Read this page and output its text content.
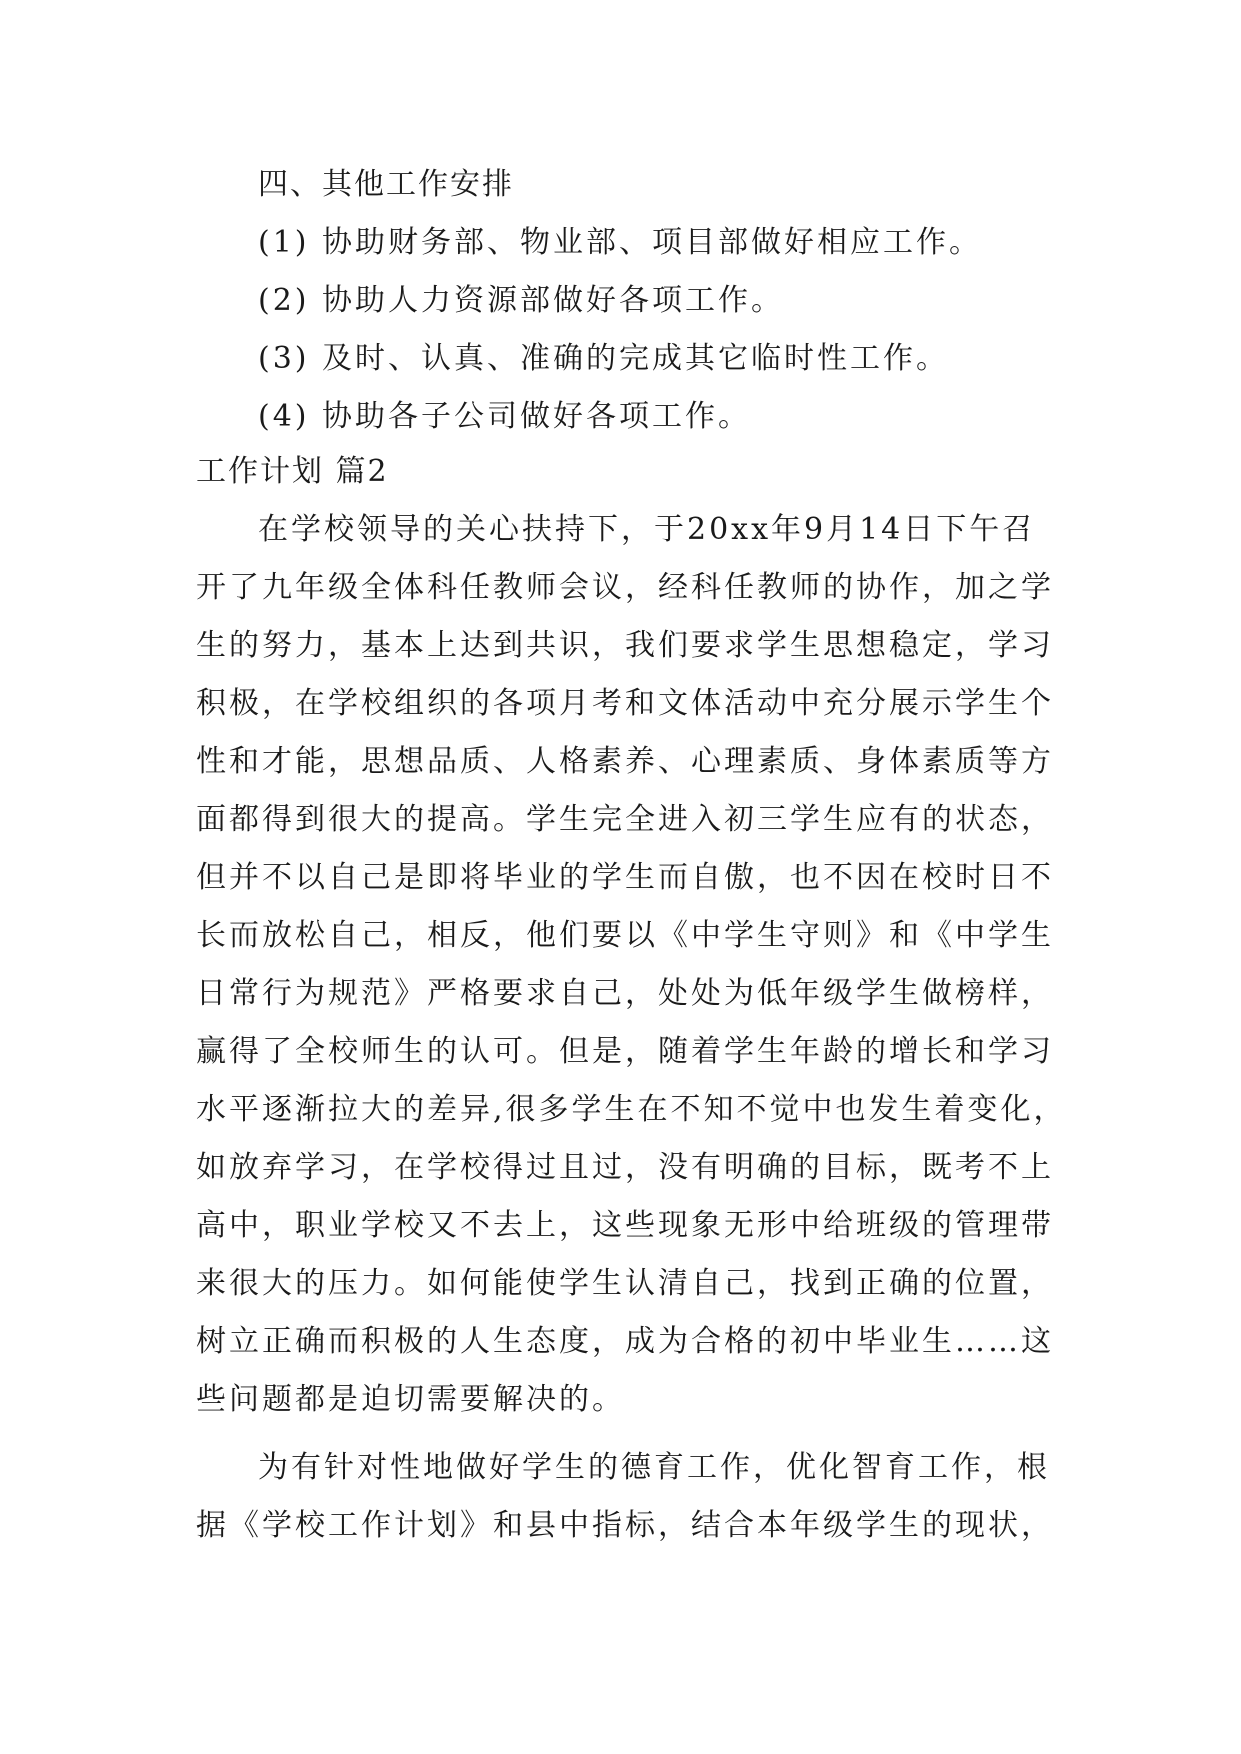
四、其他工作安排
(1) 协助财务部、物业部、项目部做好相应工作。
(2) 协助人力资源部做好各项工作。
(3) 及时、认真、准确的完成其它临时性工作。
(4) 协助各子公司做好各项工作。
工作计划 篇2
在学校领导的关心扶持下，于20xx年9月14日下午召
开了九年级全体科任教师会议，经科任教师的协作，加之学
生的努力，基本上达到共识，我们要求学生思想稳定，学习
积极，在学校组织的各项月考和文体活动中充分展示学生个
性和才能，思想品质、人格素养、心理素质、身体素质等方
面都得到很大的提高。学生完全进入初三学生应有的状态，
但并不以自己是即将毕业的学生而自傲，也不因在校时日不
长而放松自己，相反，他们要以《中学生守则》和《中学生
日常行为规范》严格要求自己，处处为低年级学生做榜样，
赢得了全校师生的认可。但是，随着学生年龄的增长和学习
水平逐渐拉大的差异,很多学生在不知不觉中也发生着变化，
如放弃学习，在学校得过且过，没有明确的目标，既考不上
高中，职业学校又不去上，这些现象无形中给班级的管理带
来很大的压力。如何能使学生认清自己，找到正确的位置，
树立正确而积极的人生态度，成为合格的初中毕业生……这
些问题都是迫切需要解决的。
为有针对性地做好学生的德育工作，优化智育工作，根
据《学校工作计划》和县中指标，结合本年级学生的现状，
